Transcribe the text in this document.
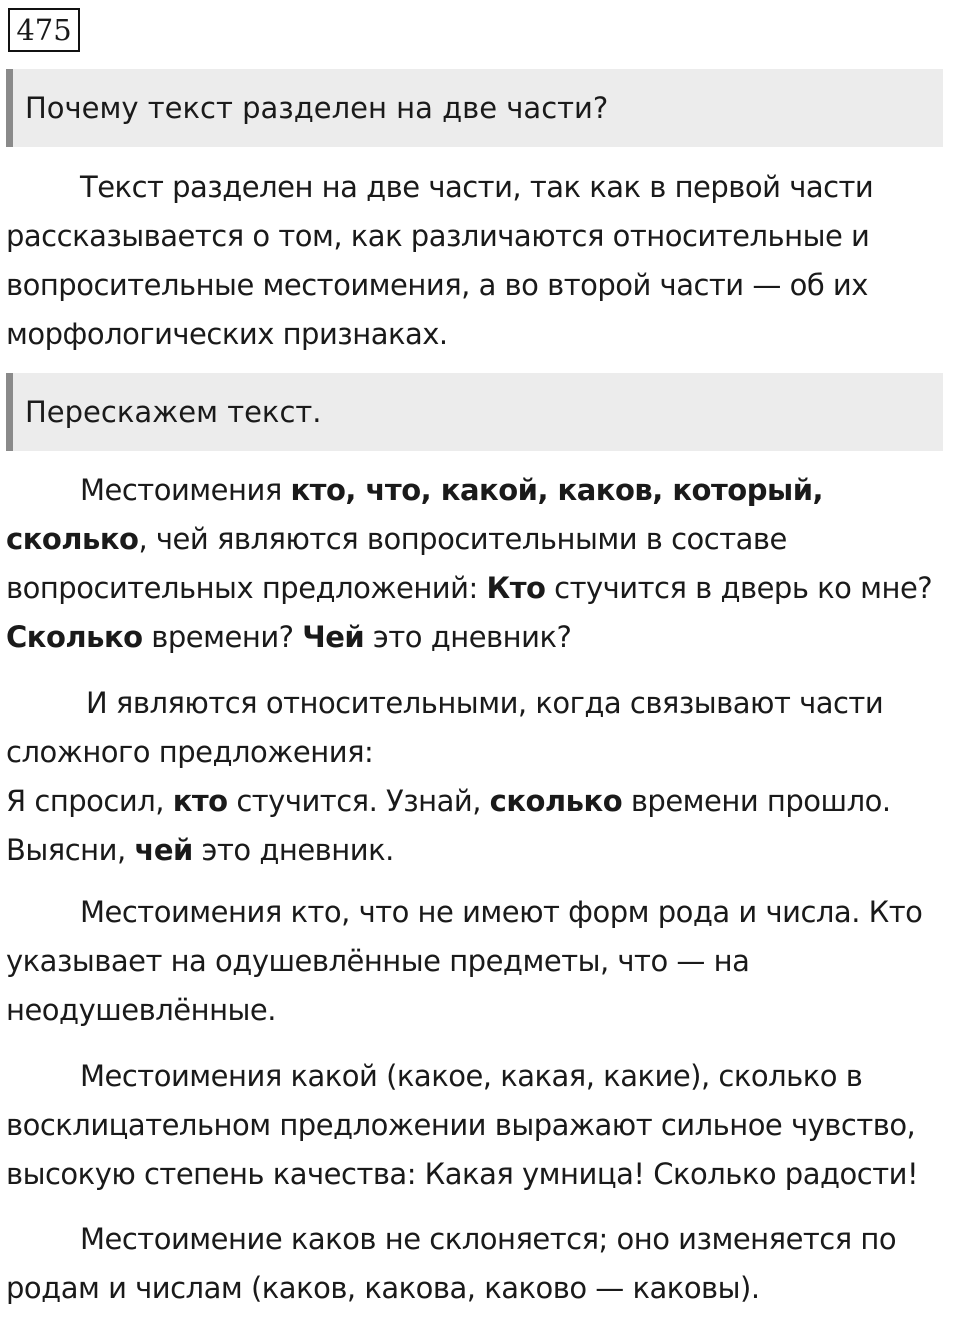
475
Почему текст разделен на две части?

Текст разделен на две части, так как в первой части рассказывается о том, как различаются относительные и вопросительные местоимения, а во второй части — об их морфологических признаках.

Перескажем текст.

Местоимения кто, что, какой, каков, который, сколько, чей являются вопросительными в составе вопросительных предложений: Кто стучится в дверь ко мне? Сколько времени? Чей это дневник?

И являются относительными, когда связывают части сложного предложения:
Я спросил, кто стучится. Узнай, сколько времени прошло. Выясни, чей это дневник.

Местоимения кто, что не имеют форм рода и числа. Кто указывает на одушевлённые предметы, что — на неодушевлённые.

Местоимения какой (какое, какая, какие), сколько в восклицательном предложении выражают сильное чувство, высокую степень качества: Какая умница! Сколько радости!

Местоимение каков не склоняется; оно изменяется по родам и числам (каков, какова, каково — каковы).
